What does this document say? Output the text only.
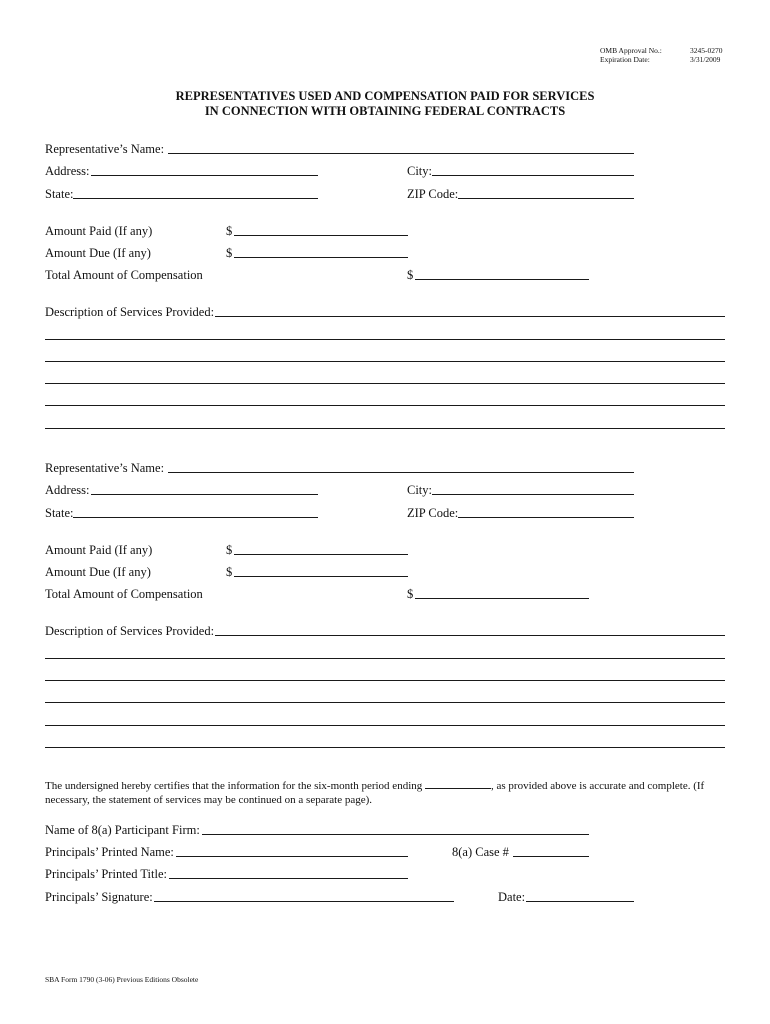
OMB Approval No.:	3245-0270
Expiration Date:	3/31/2009
REPRESENTATIVES USED AND COMPENSATION PAID FOR SERVICES
IN CONNECTION WITH OBTAINING FEDERAL CONTRACTS
Representative’s Name:
Address:	City:
State:	ZIP Code:
Amount Paid (If any)	$
Amount Due (If any)	$
Total Amount of Compensation	$
Description of Services Provided:
Representative’s Name:
Address:	City:
State:	ZIP Code:
Amount Paid (If any)	$
Amount Due (If any)	$
Total Amount of Compensation	$
Description of Services Provided:
The undersigned hereby certifies that the information for the six-month period ending	, as provided above is accurate and complete. (If necessary, the statement of services may be continued on a separate page).
Name of 8(a) Participant Firm:
Principals’ Printed Name:	8(a) Case #
Principals’ Printed Title:
Principals’ Signature:	Date:
SBA Form 1790 (3-06) Previous Editions Obsolete
